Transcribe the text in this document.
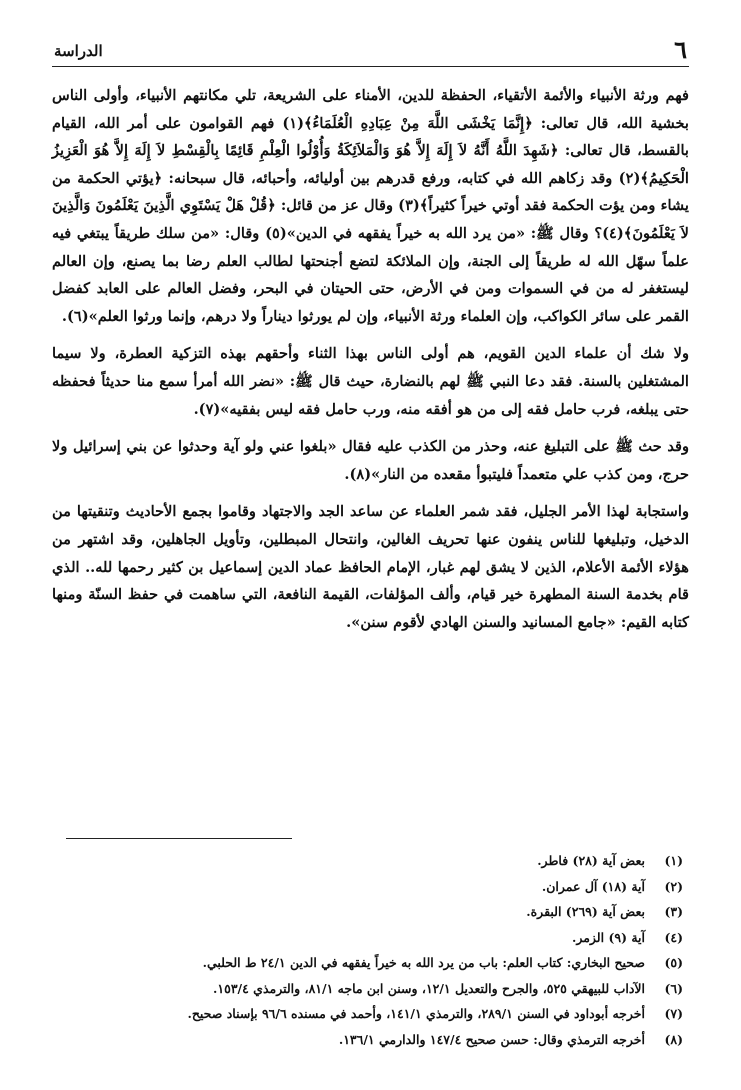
٦
الدراسة

فهم ورثة الأنبياء والأئمة الأتقياء، الحفظة للدين، الأمناء على الشريعة، تلي مكانتهم الأنبياء، وأولى الناس بخشية الله، قال تعالى: ﴿إِنَّمَا يَخْشَى اللَّهَ مِنْ عِبَادِهِ الْعُلَمَاءُ﴾(١) فهم القوامون على أمر الله، القيام بالقسط، قال تعالى: ﴿شَهِدَ اللَّهُ أَنَّهُ لاَ إِلَهَ إِلاَّ هُوَ وَالْمَلاَئِكَةُ وَأُوْلُوا الْعِلْمِ قَائِمًا بِالْقِسْطِ لاَ إِلَهَ إِلاَّ هُوَ الْعَزِيزُ الْحَكِيمُ﴾(٢) وقد زكاهم الله في كتابه، ورفع قدرهم بين أوليائه، وأحبائه، قال سبحانه: ﴿يؤتي الحكمة من يشاء ومن يؤت الحكمة فقد أوتي خيراً كثيراً﴾(٣) وقال عز من قائل: ﴿قُلْ هَلْ يَسْتَوِي الَّذِينَ يَعْلَمُونَ وَالَّذِينَ لاَ يَعْلَمُونَ﴾(٤)؟ وقال ﷺ: «من يرد الله به خيراً يفقهه في الدين»(٥) وقال: «من سلك طريقاً يبتغي فيه علماً سهّل الله له طريقاً إلى الجنة، وإن الملائكة لتضع أجنحتها لطالب العلم رضا بما يصنع، وإن العالم ليستغفر له من في السموات ومن في الأرض، حتى الحيتان في البحر، وفضل العالم على العابد كفضل القمر على سائر الكواكب، وإن العلماء ورثة الأنبياء، وإن لم يورثوا ديناراً ولا درهم، وإنما ورثوا العلم»(٦).

ولا شك أن علماء الدين القويم، هم أولى الناس بهذا الثناء وأحقهم بهذه التزكية العطرة، ولا سيما المشتغلين بالسنة. فقد دعا النبي ﷺ لهم بالنضارة، حيث قال ﷺ: «نضر الله أمرأ سمع منا حديثاً فحفظه حتى يبلغه، فرب حامل فقه إلى من هو أفقه منه، ورب حامل فقه ليس بفقيه»(٧).

وقد حث ﷺ على التبليغ عنه، وحذر من الكذب عليه فقال «بلغوا عني ولو آية وحدثوا عن بني إسرائيل ولا حرج، ومن كذب علي متعمداً فليتبوأ مقعده من النار»(٨).

واستجابة لهذا الأمر الجليل، فقد شمر العلماء عن ساعد الجد والاجتهاد وقاموا بجمع الأحاديث وتنقيتها من الدخيل، وتبليغها للناس ينفون عنها تحريف الغالين، وانتحال المبطلين، وتأويل الجاهلين، وقد اشتهر من هؤلاء الأئمة الأعلام، الذين لا يشق لهم غبار، الإمام الحافظ عماد الدين إسماعيل بن كثير رحمها لله.. الذي قام بخدمة السنة المطهرة خير قيام، وألف المؤلفات، القيمة النافعة، التي ساهمت في حفظ السنّة ومنها كتابه القيم: «جامع المسانيد والسنن الهادي لأقوم سنن».

(١)
بعض آية (٢٨) فاطر.
(٢)
آية (١٨) آل عمران.
(٣)
بعض آية (٢٦٩) البقرة.
(٤)
آية (٩) الزمر.
(٥)
صحيح البخاري: كتاب العلم: باب من يرد الله به خيراً يفقهه في الدين ٢٤/١ ط الحلبي.
(٦)
الآداب للبيهقي ٥٢٥، والجرح والتعديل ١٢/١، وسنن ابن ماجه ٨١/١، والترمذي ١٥٣/٤.
(٧)
أخرجه أبوداود في السنن ٢٨٩/١، والترمذي ١٤١/١، وأحمد في مسنده ٩٦/٦ بإسناد صحيح.
(٨)
أخرجه الترمذي وقال: حسن صحيح ١٤٧/٤ والدارمي ١٣٦/١.
